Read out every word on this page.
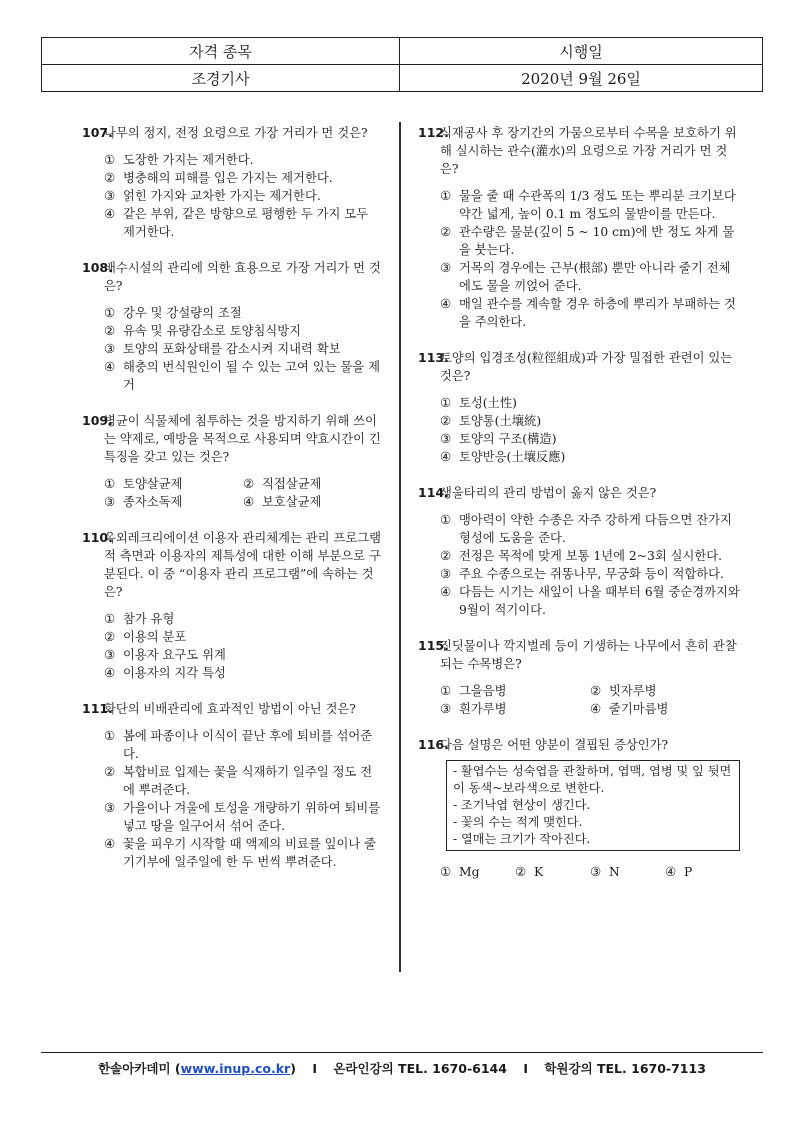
자격 종목	시행일
조경기사	2020년 9월 26일
107.
나무의 정지, 전정 요령으로 가장 거리가 먼 것은?
① 도장한 가지는 제거한다.
② 병충해의 피해를 입은 가지는 제거한다.
③ 얽힌 가지와 교차한 가지는 제거한다.
④ 같은 부위, 같은 방향으로 평행한 두 가지 모두 제거한다.
108.
배수시설의 관리에 의한 효용으로 가장 거리가 먼 것은?
① 강우 및 강설량의 조절
② 유속 및 유량감소로 토양침식방지
③ 토양의 포화상태를 감소시켜 지내력 확보
④ 해충의 번식원인이 될 수 있는 고여 있는 물을 제거
109.
병균이 식물체에 침투하는 것을 방지하기 위해 쓰이는 약제로, 예방을 목적으로 사용되며 약효시간이 긴 특징을 갖고 있는 것은?
① 토양살균제	② 직접살균제
③ 종자소독제	④ 보호살균제
110.
옥외레크리에이션 이용자 관리체계는 관리 프로그램적 측면과 이용자의 제특성에 대한 이해 부분으로 구분된다. 이 중 “이용자 관리 프로그램”에 속하는 것은?
① 참가 유형
② 이용의 분포
③ 이용자 요구도 위계
④ 이용자의 지각 특성
111.
화단의 비배관리에 효과적인 방법이 아닌 것은?
① 봄에 파종이나 이식이 끝난 후에 퇴비를 섞어준다.
② 복합비료 입제는 꽃을 식재하기 일주일 정도 전에 뿌려준다.
③ 가을이나 겨울에 토성을 개량하기 위하여 퇴비를 넣고 땅을 일구어서 섞어 준다.
④ 꽃을 피우기 시작할 때 액제의 비료를 잎이나 줄기기부에 일주일에 한 두 번씩 뿌려준다.
112.
식재공사 후 장기간의 가뭄으로부터 수목을 보호하기 위해 실시하는 관수(灌水)의 요령으로 가장 거리가 먼 것은?
① 물을 줄 때 수관폭의 1/3 정도 또는 뿌리분 크기보다 약간 넓게, 높이 0.1 m 정도의 물받이를 만든다.
② 관수량은 물분(깊이 5 ~ 10 cm)에 반 정도 차게 물을 붓는다.
③ 거목의 경우에는 근부(根部) 뿐만 아니라 줄기 전체에도 물을 끼얹어 준다.
④ 매일 관수를 계속할 경우 하층에 뿌리가 부패하는 것을 주의한다.
113.
토양의 입경조성(粒徑組成)과 가장 밀접한 관련이 있는 것은?
① 토성(土性)
② 토양통(土壤統)
③ 토양의 구조(構造)
④ 토양반응(土壤反應)
114.
생울타리의 관리 방법이 옳지 않은 것은?
① 맹아력이 약한 수종은 자주 강하게 다듬으면 잔가지 형성에 도움을 준다.
② 전정은 목적에 맞게 보통 1년에 2~3회 실시한다.
③ 주요 수종으로는 쥐똥나무, 무궁화 등이 적합하다.
④ 다듬는 시기는 새잎이 나올 때부터 6월 중순경까지와 9월이 적기이다.
115.
진딧물이나 깍지벌레 등이 기생하는 나무에서 흔히 관찰되는 수목병은?
① 그을음병	② 빗자루병
③ 흰가루병	④ 줄기마름병
116.
다음 설명은 어떤 양분이 결핍된 증상인가?
- 활엽수는 성숙엽을 관찰하며, 엽맥, 엽병 및 잎 뒷면이 동색~보라색으로 변한다.
- 조기낙엽 현상이 생긴다.
- 꽃의 수는 적게 맺힌다.
- 열매는 크기가 작아진다.
① Mg	② K	③ N	④ P
한솔아카데미 (www.inup.co.kr) I 온라인강의 TEL. 1670-6144 I 학원강의 TEL. 1670-7113
